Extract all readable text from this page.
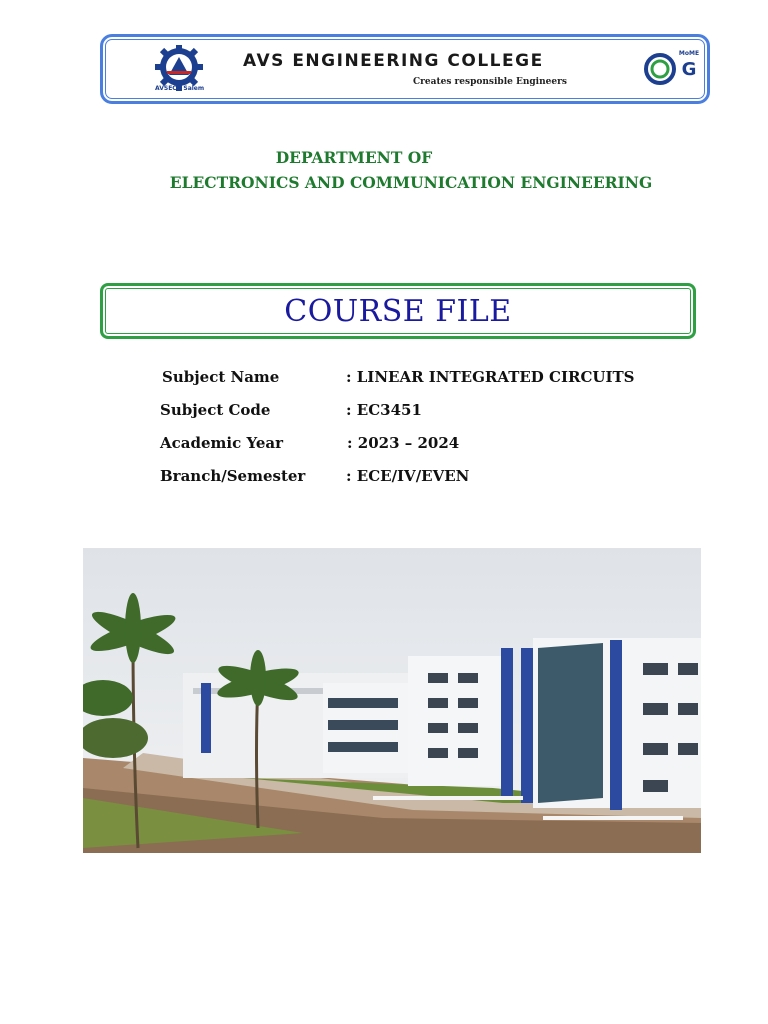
AVS ENGINEERING COLLEGE
Creates responsible Engineers
AVSEC - Salem
G
MoME
DEPARTMENT OF
ELECTRONICS AND COMMUNICATION ENGINEERING
COURSE FILE
Subject Name	: LINEAR INTEGRATED CIRCUITS
Subject Code	: EC3451
Academic Year	: 2023 – 2024
Branch/Semester	: ECE/IV/EVEN
